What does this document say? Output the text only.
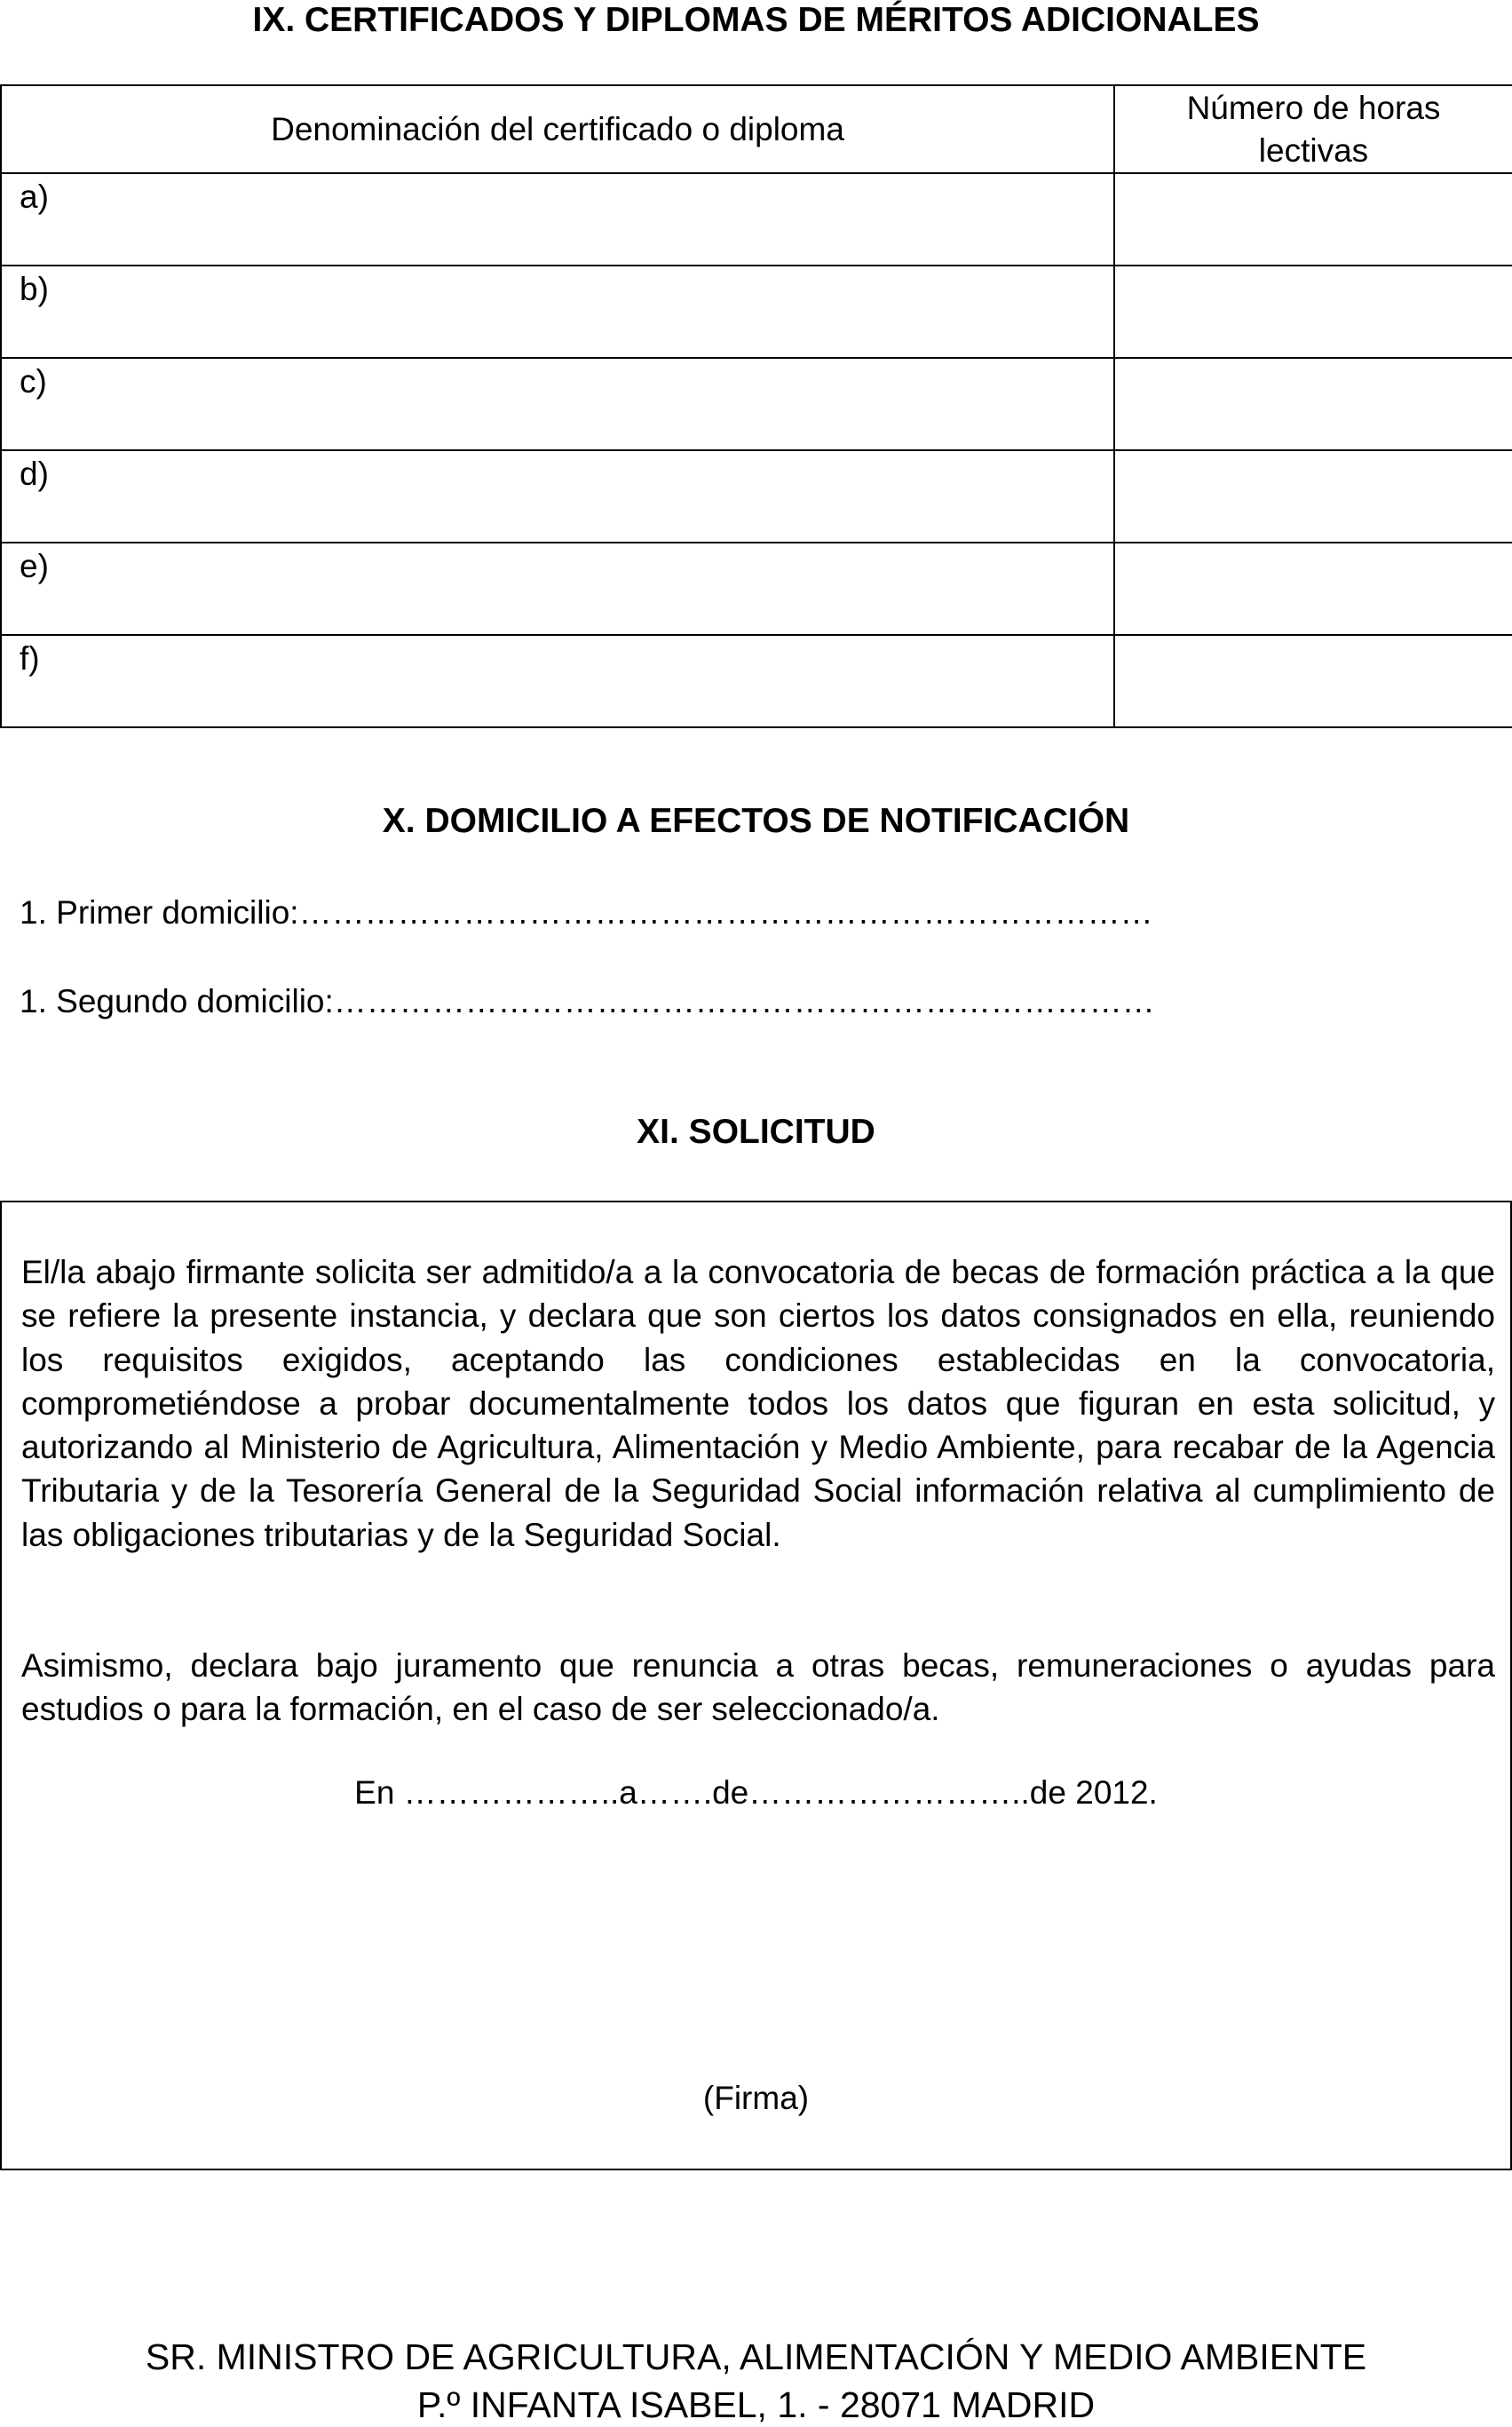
IX. CERTIFICADOS Y DIPLOMAS DE MÉRITOS ADICIONALES
Denominación del certificado o diploma	Número de horas
lectivas

a)	
b)	
c)	
d)	
e)	
f)	
X. DOMICILIO A EFECTOS DE NOTIFICACIÓN
1. Primer domicilio:……………………………………………………………………
1. Segundo domicilio:…………………………………………………………………
XI. SOLICITUD
El/la abajo firmante solicita ser admitido/a a la convocatoria de becas de formación práctica a la que se refiere la presente instancia, y declara que son ciertos los datos consignados en ella, reuniendo los requisitos exigidos, aceptando las condiciones establecidas en la convocatoria, comprometiéndose a probar documentalmente todos los datos que figuran en esta solicitud, y autorizando al Ministerio de Agricultura, Alimentación y Medio Ambiente, para recabar de la Agencia Tributaria y de la Tesorería General de la Seguridad Social información relativa al cumplimiento de las obligaciones tributarias y de la Seguridad Social.
Asimismo, declara bajo juramento que renuncia a otras becas, remuneraciones o ayudas para estudios o para la formación, en el caso de ser seleccionado/a.
En ………………..a…….de……………………..de 2012.
(Firma)
SR. MINISTRO DE AGRICULTURA, ALIMENTACIÓN Y MEDIO AMBIENTE
P.º INFANTA ISABEL, 1. - 28071 MADRID
